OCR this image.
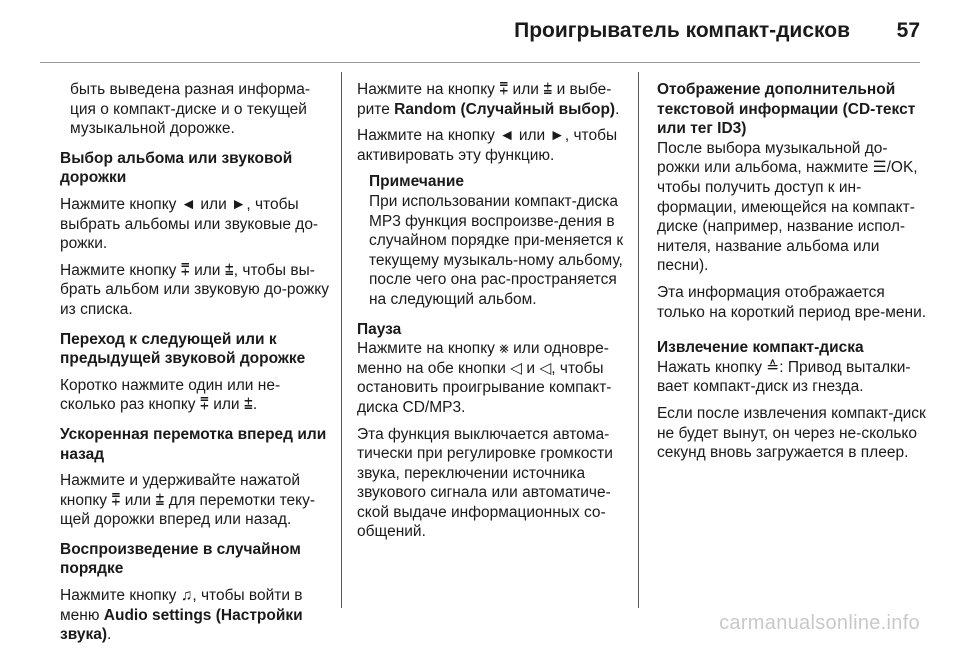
Проигрыватель компакт-дисков 57

быть выведена разная информа-ция о компакт-диске и о текущей музыкальной дорожке.

Выбор альбома или звуковой дорожки

Нажмите кнопку ◄ или ►, чтобы выбрать альбомы или звуковые до-рожки.

Нажмите кнопку ⩱ или ⩲, чтобы вы-брать альбом или звуковую до-рожку из списка.

Переход к следующей или к предыдущей звуковой дорожке

Коротко нажмите один или не-сколько раз кнопку ⩱ или ⩲.

Ускоренная перемотка вперед или назад

Нажмите и удерживайте нажатой кнопку ⩱ или ⩲ для перемотки теку-щей дорожки вперед или назад.

Воспроизведение в случайном порядке

Нажмите кнопку ♫, чтобы войти в меню Audio settings (Настройки звука).

Нажмите на кнопку ⩱ или ⩲ и выбе-рите Random (Случайный выбор).

Нажмите на кнопку ◄ или ►, чтобы активировать эту функцию.

Примечание

При использовании компакт-диска MP3 функция воспроизве-дения в случайном порядке при-меняется к текущему музыкаль-ному альбому, после чего она рас-пространяется на следующий альбом.

Пауза

Нажмите на кнопку ⨳ или одновре-менно на обе кнопки ◁ и ◁, чтобы остановить проигрывание компакт-диска CD/MP3.

Эта функция выключается автома-тически при регулировке громкости звука, переключении источника звукового сигнала или автоматиче-ской выдаче информационных со-общений.

Отображение дополнительной текстовой информации (CD-текст или тег ID3)

После выбора музыкальной до-рожки или альбома, нажмите ☰/OK, чтобы получить доступ к ин-формации, имеющейся на компакт-диске (например, название испол-нителя, название альбома или песни).

Эта информация отображается только на короткий период вре-мени.

Извлечение компакт-диска

Нажать кнопку ≙: Привод выталки-вает компакт-диск из гнезда.

Если после извлечения компакт-диск не будет вынут, он через не-сколько секунд вновь загружается в плеер.

carmanualsonline.info
